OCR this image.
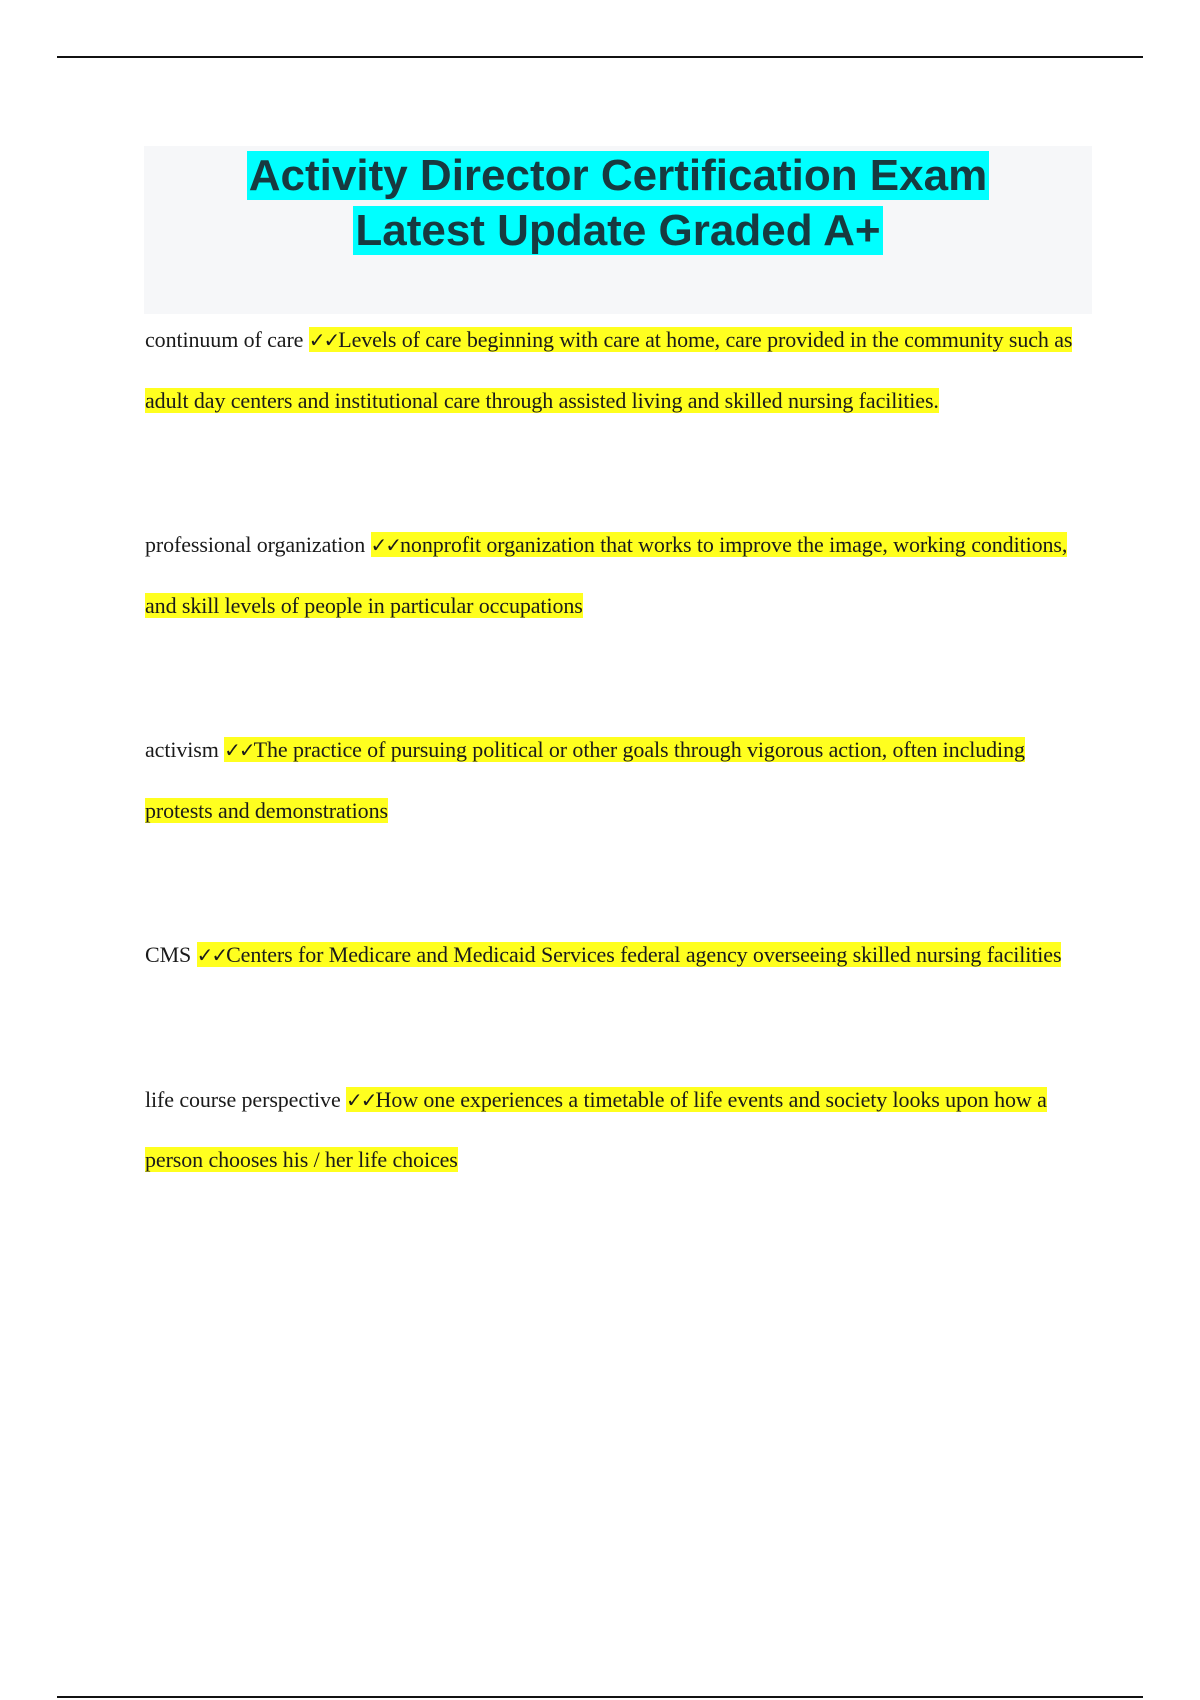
Activity Director Certification Exam
Latest Update Graded A+

continuum of care ✓✓Levels of care beginning with care at home, care provided in the community such as adult day centers and institutional care through assisted living and skilled nursing facilities.

professional organization ✓✓nonprofit organization that works to improve the image, working conditions, and skill levels of people in particular occupations

activism ✓✓The practice of pursuing political or other goals through vigorous action, often including protests and demonstrations

CMS ✓✓Centers for Medicare and Medicaid Services federal agency overseeing skilled nursing facilities

life course perspective ✓✓How one experiences a timetable of life events and society looks upon how a person chooses his / her life choices
